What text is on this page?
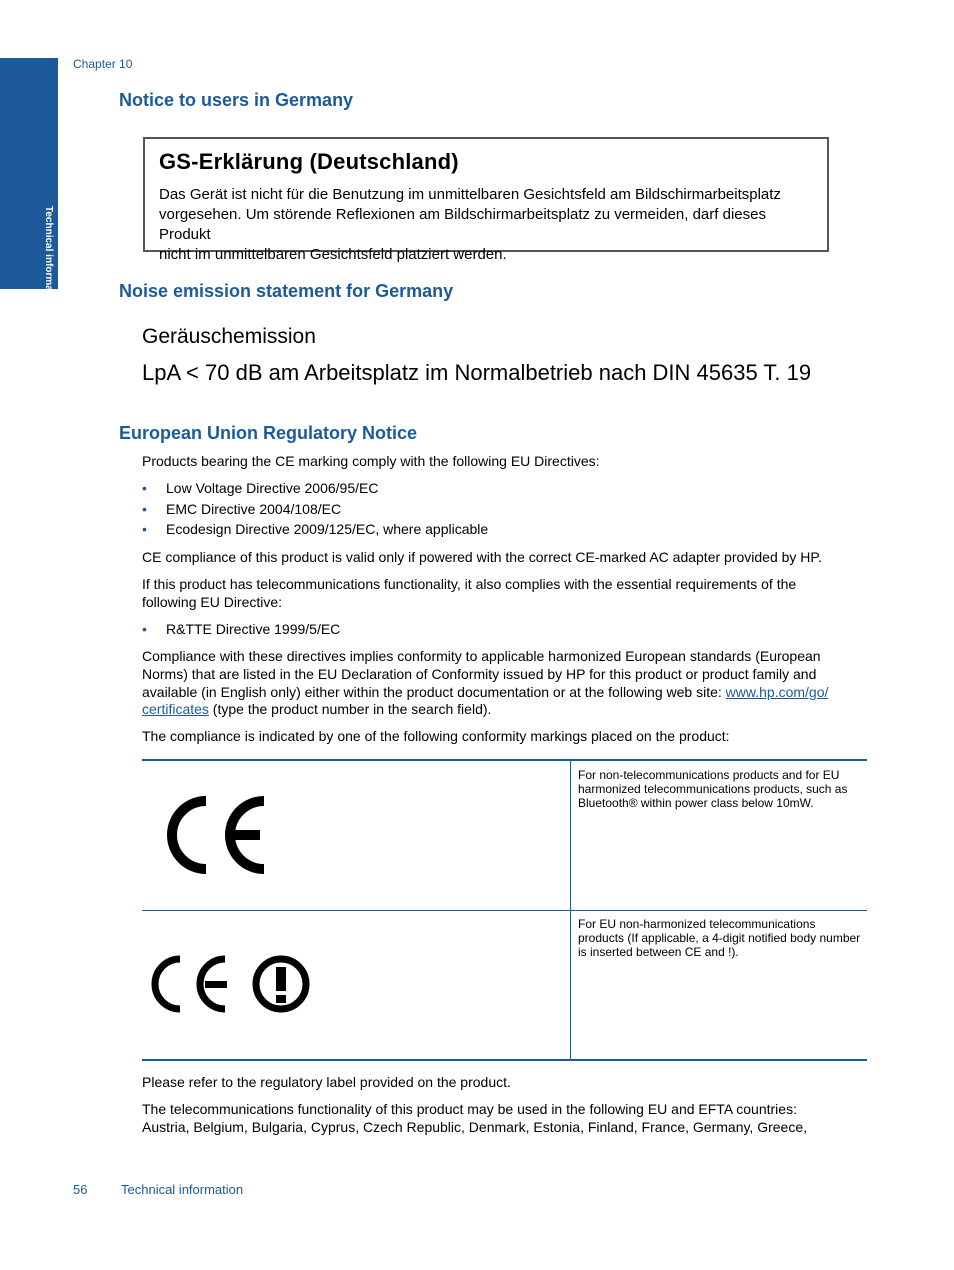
Technical information
Chapter 10
Notice to users in Germany
GS-Erklärung (Deutschland)
Das Gerät ist nicht für die Benutzung im unmittelbaren Gesichtsfeld am Bildschirmarbeitsplatz
vorgesehen. Um störende Reflexionen am Bildschirmarbeitsplatz zu vermeiden, darf dieses Produkt
nicht im unmittelbaren Gesichtsfeld platziert werden.
Noise emission statement for Germany
Geräuschemission
LpA < 70 dB am Arbeitsplatz im Normalbetrieb nach DIN 45635 T. 19
European Union Regulatory Notice
Products bearing the CE marking comply with the following EU Directives:
• Low Voltage Directive 2006/95/EC
• EMC Directive 2004/108/EC
• Ecodesign Directive 2009/125/EC, where applicable
CE compliance of this product is valid only if powered with the correct CE-marked AC adapter provided by HP.
If this product has telecommunications functionality, it also complies with the essential requirements of the
following EU Directive:
• R&TTE Directive 1999/5/EC
Compliance with these directives implies conformity to applicable harmonized European standards (European
Norms) that are listed in the EU Declaration of Conformity issued by HP for this product or product family and
available (in English only) either within the product documentation or at the following web site: www.hp.com/go/
certificates (type the product number in the search field).
The compliance is indicated by one of the following conformity markings placed on the product:
For non-telecommunications products and for EU harmonized telecommunications products, such as Bluetooth® within power class below 10mW.
For EU non-harmonized telecommunications products (If applicable, a 4-digit notified body number is inserted between CE and !).
Please refer to the regulatory label provided on the product.
The telecommunications functionality of this product may be used in the following EU and EFTA countries:
Austria, Belgium, Bulgaria, Cyprus, Czech Republic, Denmark, Estonia, Finland, France, Germany, Greece,
56	Technical information
